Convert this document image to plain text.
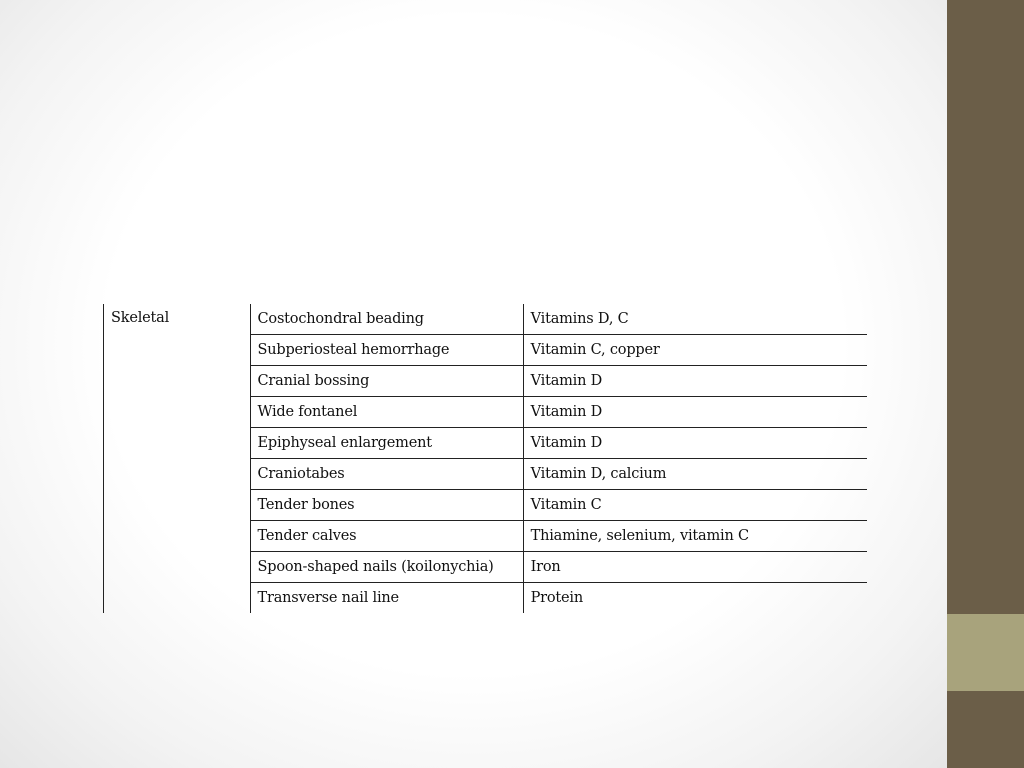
Skeletal	Costochondral beading	Vitamins D, C
	Subperiosteal hemorrhage	Vitamin C, copper
	Cranial bossing	Vitamin D
	Wide fontanel	Vitamin D
	Epiphyseal enlargement	Vitamin D
	Craniotabes	Vitamin D, calcium
	Tender bones	Vitamin C
	Tender calves	Thiamine, selenium, vitamin C
	Spoon-shaped nails (koilonychia)	Iron
	Transverse nail line	Protein
